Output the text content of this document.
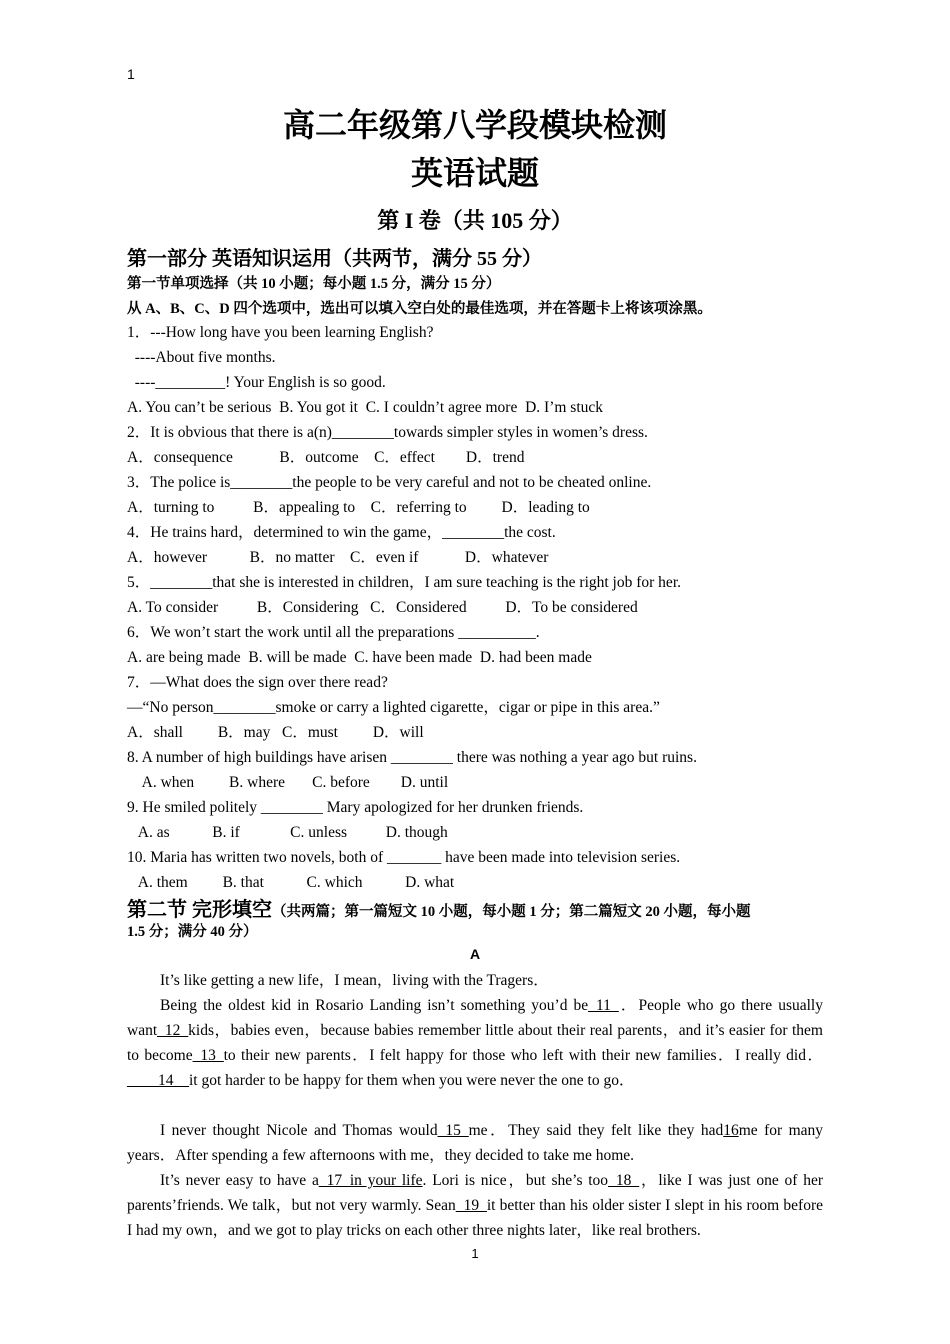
1
高二年级第八学段模块检测
英语试题
第 I 卷（共 105 分）
第一部分 英语知识运用（共两节，满分 55 分）
第一节单项选择（共 10 小题；每小题 1.5 分，满分 15 分）
从 A、B、C、D 四个选项中，选出可以填入空白处的最佳选项，并在答题卡上将该项涂黑。
1．---How long have you been learning English?
----About five months.
----_________! Your English is so good.
A. You can’t be serious  B. You got it  C. I couldn’t agree more  D. I’m stuck
2．It is obvious that there is a(n)________towards simpler styles in women’s dress.
A．consequence            B．outcome    C．effect        D．trend
3．The police is________the people to be very careful and not to be cheated online.
A．turning to          B．appealing to    C．referring to         D．leading to
4．He trains hard，determined to win the game，________the cost.
A．however           B．no matter    C．even if            D．whatever
5．________that she is interested in children，I am sure teaching is the right job for her.
A. To consider          B．Considering   C．Considered          D．To be considered
6．We won’t start the work until all the preparations __________.
A. are being made  B. will be made  C. have been made  D. had been made
7．—What does the sign over there read?
—“No person________smoke or carry a lighted cigarette，cigar or pipe in this area.”
A．shall         B．may   C．must         D．will
8. A number of high buildings have arisen ________ there was nothing a year ago but ruins.
A. when         B. where       C. before        D. until
9. He smiled politely ________ Mary apologized for her drunken friends.
A. as           B. if             C. unless          D. though
10. Maria has written two novels, both of _______ have been made into television series.
A. them         B. that           C. which           D. what
第二节 完形填空（共两篇；第一篇短文 10 小题，每小题 1 分；第二篇短文 20 小题，每小题
1.5 分；满分 40 分）
A
It’s like getting a new life，I mean，living with the Tragers．
Being the oldest kid in Rosario Landing isn’t something you’d be_11_．People who go there usually want_12_kids，babies even，because babies remember little about their real parents，and it’s easier for them to become_13_to their new parents．I felt happy for those who left with their new families．I really did．____14__it got harder to be happy for them when you were never the one to go．
I never thought Nicole and Thomas would_15_me．They said they felt like they had16me for many years．After spending a few afternoons with me，they decided to take me home.
It’s never easy to have a_17_in your life. Lori is nice，but she’s too_18_，like I was just one of her parents’friends. We talk，but not very warmly. Sean_19_it better than his older sister I slept in his room before I had my own，and we got to play tricks on each other three nights later，like real brothers.
1
